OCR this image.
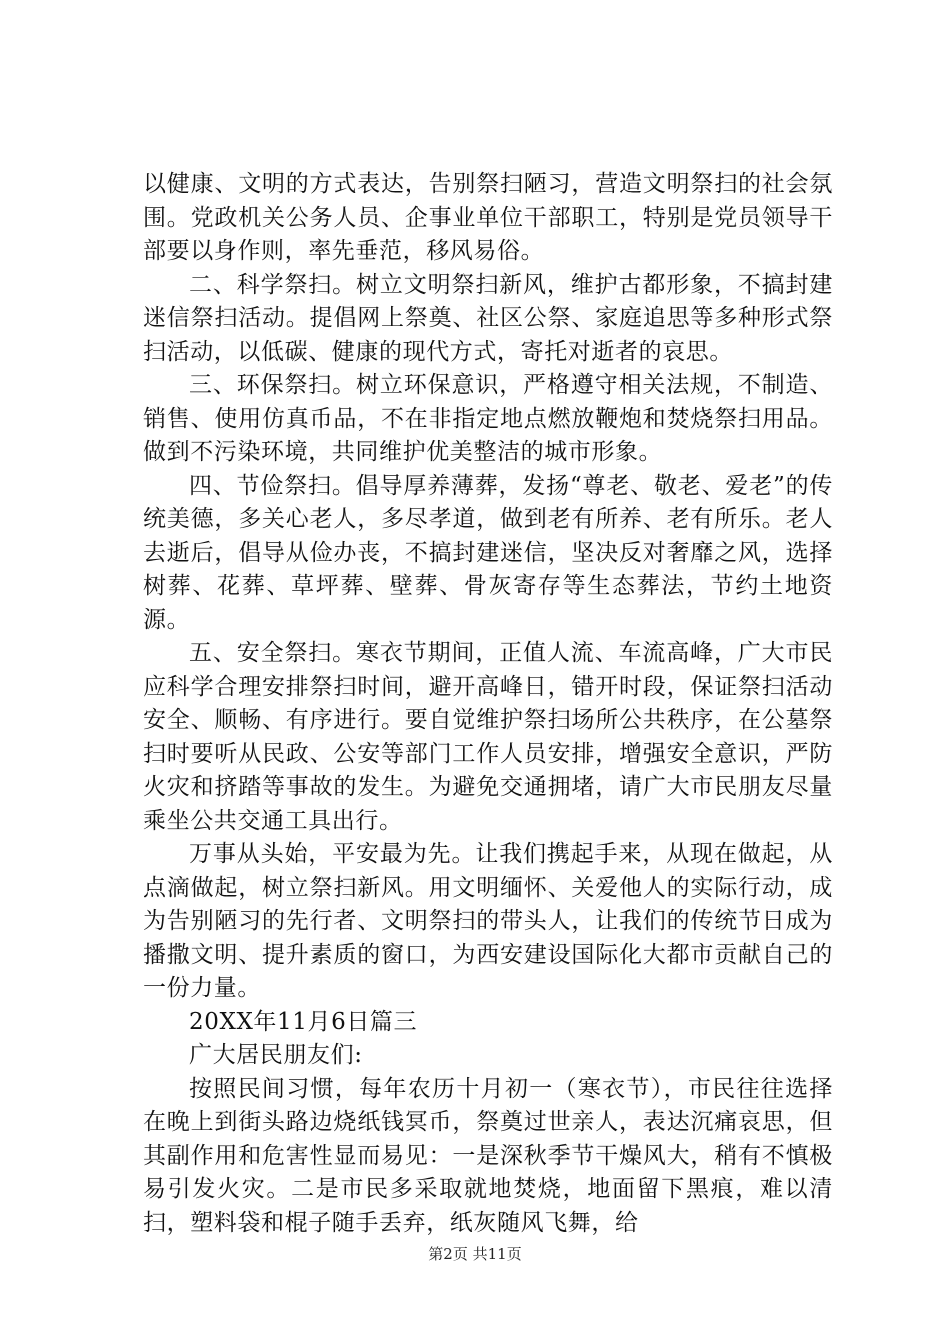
以健康、文明的方式表达，告别祭扫陋习，营造文明祭扫的社会氛围。党政机关公务人员、企事业单位干部职工，特别是党员领导干部要以身作则，率先垂范，移风易俗。

二、科学祭扫。树立文明祭扫新风，维护古都形象，不搞封建迷信祭扫活动。提倡网上祭奠、社区公祭、家庭追思等多种形式祭扫活动，以低碳、健康的现代方式，寄托对逝者的哀思。

三、环保祭扫。树立环保意识，严格遵守相关法规，不制造、销售、使用仿真币品，不在非指定地点燃放鞭炮和焚烧祭扫用品。做到不污染环境，共同维护优美整洁的城市形象。

四、节俭祭扫。倡导厚养薄葬，发扬“尊老、敬老、爱老”的传统美德，多关心老人，多尽孝道，做到老有所养、老有所乐。老人去逝后，倡导从俭办丧，不搞封建迷信，坚决反对奢靡之风，选择树葬、花葬、草坪葬、壁葬、骨灰寄存等生态葬法，节约土地资源。

五、安全祭扫。寒衣节期间，正值人流、车流高峰，广大市民应科学合理安排祭扫时间，避开高峰日，错开时段，保证祭扫活动安全、顺畅、有序进行。要自觉维护祭扫场所公共秩序，在公墓祭扫时要听从民政、公安等部门工作人员安排，增强安全意识，严防火灾和挤踏等事故的发生。为避免交通拥堵，请广大市民朋友尽量乘坐公共交通工具出行。

万事从头始，平安最为先。让我们携起手来，从现在做起，从点滴做起，树立祭扫新风。用文明缅怀、关爱他人的实际行动，成为告别陋习的先行者、文明祭扫的带头人，让我们的传统节日成为播撒文明、提升素质的窗口，为西安建设国际化大都市贡献自己的一份力量。

20XX年11月6日篇三

广大居民朋友们:

按照民间习惯，每年农历十月初一（寒衣节），市民往往选择在晚上到街头路边烧纸钱冥币，祭奠过世亲人，表达沉痛哀思，但其副作用和危害性显而易见：一是深秋季节干燥风大，稍有不慎极易引发火灾。二是市民多采取就地焚烧，地面留下黑痕，难以清扫，塑料袋和棍子随手丢弃，纸灰随风飞舞，给

第2页 共11页
